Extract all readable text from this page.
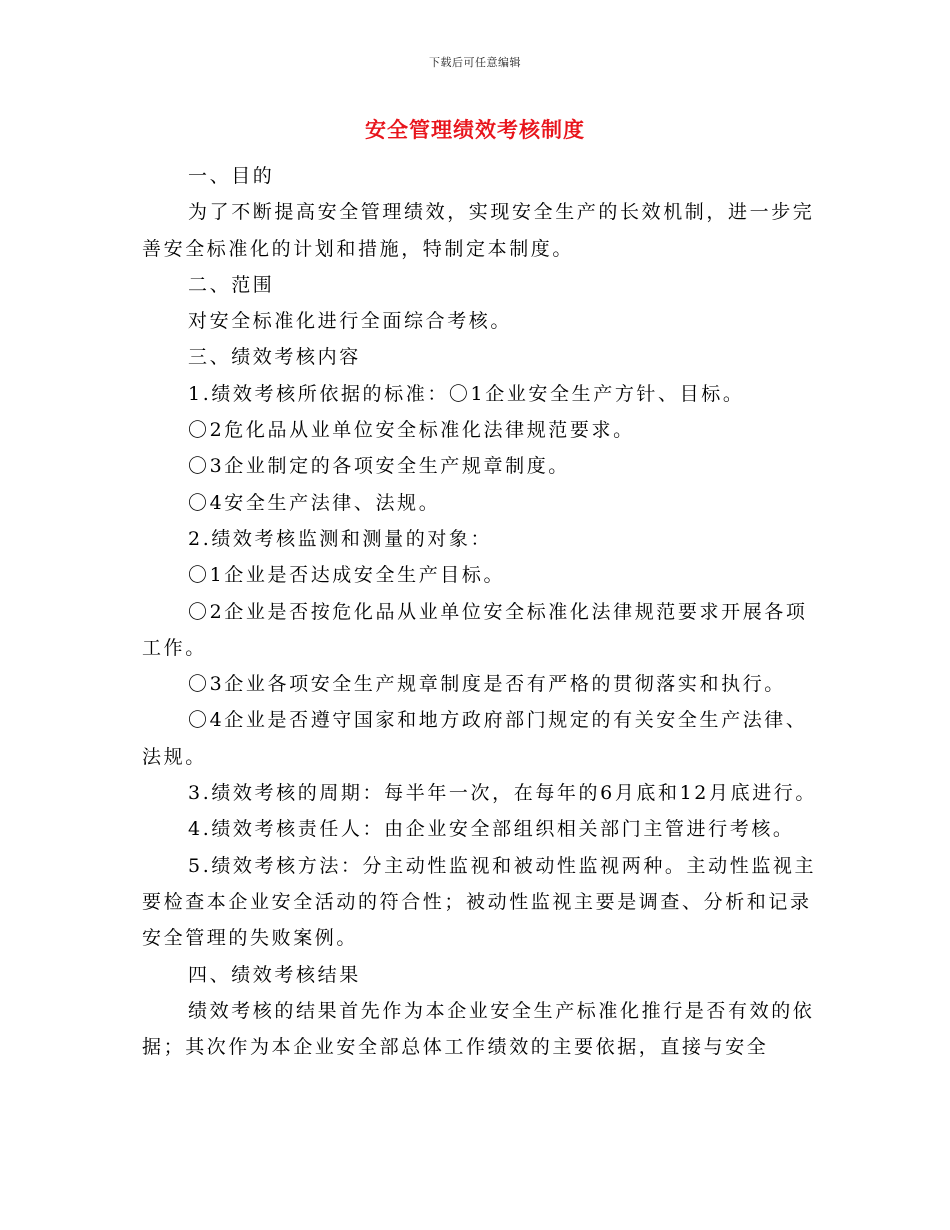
下载后可任意编辑
安全管理绩效考核制度

一、目的

为了不断提高安全管理绩效，实现安全生产的长效机制，进一步完善安全标准化的计划和措施，特制定本制度。

二、范围

对安全标准化进行全面综合考核。

三、绩效考核内容

1.绩效考核所依据的标准：〇1企业安全生产方针、目标。

〇2危化品从业单位安全标准化法律规范要求。

〇3企业制定的各项安全生产规章制度。

〇4安全生产法律、法规。

2.绩效考核监测和测量的对象：

〇1企业是否达成安全生产目标。

〇2企业是否按危化品从业单位安全标准化法律规范要求开展各项工作。

〇3企业各项安全生产规章制度是否有严格的贯彻落实和执行。

〇4企业是否遵守国家和地方政府部门规定的有关安全生产法律、法规。

3.绩效考核的周期：每半年一次，在每年的6月底和12月底进行。

4.绩效考核责任人：由企业安全部组织相关部门主管进行考核。

5.绩效考核方法：分主动性监视和被动性监视两种。主动性监视主要检查本企业安全活动的符合性；被动性监视主要是调查、分析和记录安全管理的失败案例。

四、绩效考核结果

绩效考核的结果首先作为本企业安全生产标准化推行是否有效的依据；其次作为本企业安全部总体工作绩效的主要依据，直接与安全
